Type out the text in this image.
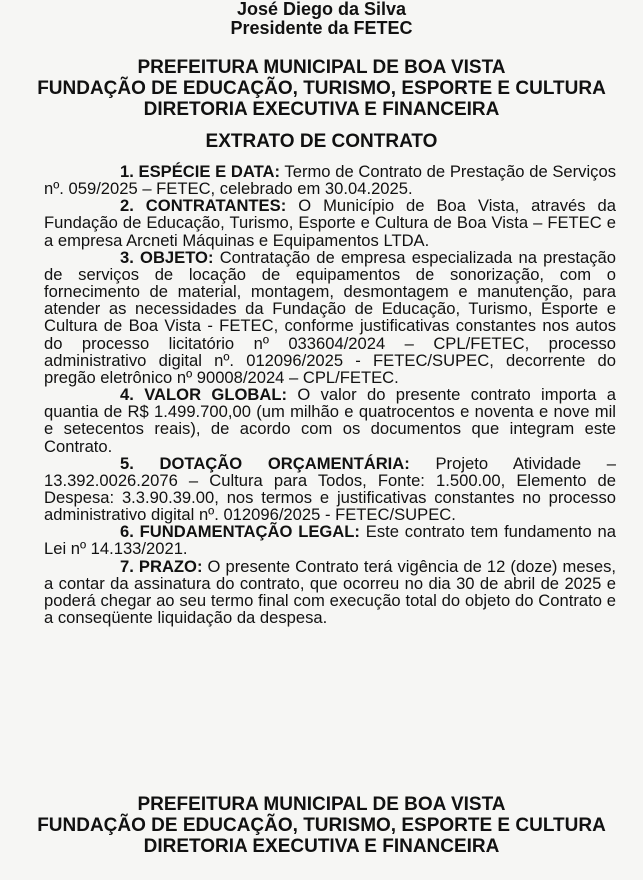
José Diego da Silva
Presidente da FETEC
PREFEITURA MUNICIPAL DE BOA VISTA
FUNDAÇÃO DE EDUCAÇÃO, TURISMO, ESPORTE E CULTURA
DIRETORIA EXECUTIVA E FINANCEIRA
EXTRATO DE CONTRATO

1. ESPÉCIE E DATA: Termo de Contrato de Prestação de Serviços nº. 059/2025 – FETEC, celebrado em 30.04.2025.

2. CONTRATANTES: O Município de Boa Vista, através da Fundação de Educação, Turismo, Esporte e Cultura de Boa Vista – FETEC e a empresa Arcneti Máquinas e Equipamentos LTDA.

3. OBJETO: Contratação de empresa especializada na prestação de serviços de locação de equipamentos de sonorização, com o fornecimento de material, montagem, desmontagem e manutenção, para atender as necessidades da Fundação de Educação, Turismo, Esporte e Cultura de Boa Vista - FETEC, conforme justificativas constantes nos autos do processo licitatório nº 033604/2024 – CPL/FETEC, processo administrativo digital nº. 012096/2025 - FETEC/SUPEC, decorrente do pregão eletrônico nº 90008/2024 – CPL/FETEC.

4. VALOR GLOBAL: O valor do presente contrato importa a quantia de R$ 1.499.700,00 (um milhão e quatrocentos e noventa e nove mil e setecentos reais), de acordo com os documentos que integram este Contrato.

5. DOTAÇÃO ORÇAMENTÁRIA: Projeto Atividade – 13.392.0026.2076 – Cultura para Todos, Fonte: 1.500.00, Elemento de Despesa: 3.3.90.39.00, nos termos e justificativas constantes no processo administrativo digital nº. 012096/2025 - FETEC/SUPEC.

6. FUNDAMENTAÇÃO LEGAL: Este contrato tem fundamento na Lei nº 14.133/2021.

7. PRAZO: O presente Contrato terá vigência de 12 (doze) meses, a contar da assinatura do contrato, que ocorreu no dia 30 de abril de 2025 e poderá chegar ao seu termo final com execução total do objeto do Contrato e a conseqüente liquidação da despesa.

PREFEITURA MUNICIPAL DE BOA VISTA
FUNDAÇÃO DE EDUCAÇÃO, TURISMO, ESPORTE E CULTURA
DIRETORIA EXECUTIVA E FINANCEIRA
